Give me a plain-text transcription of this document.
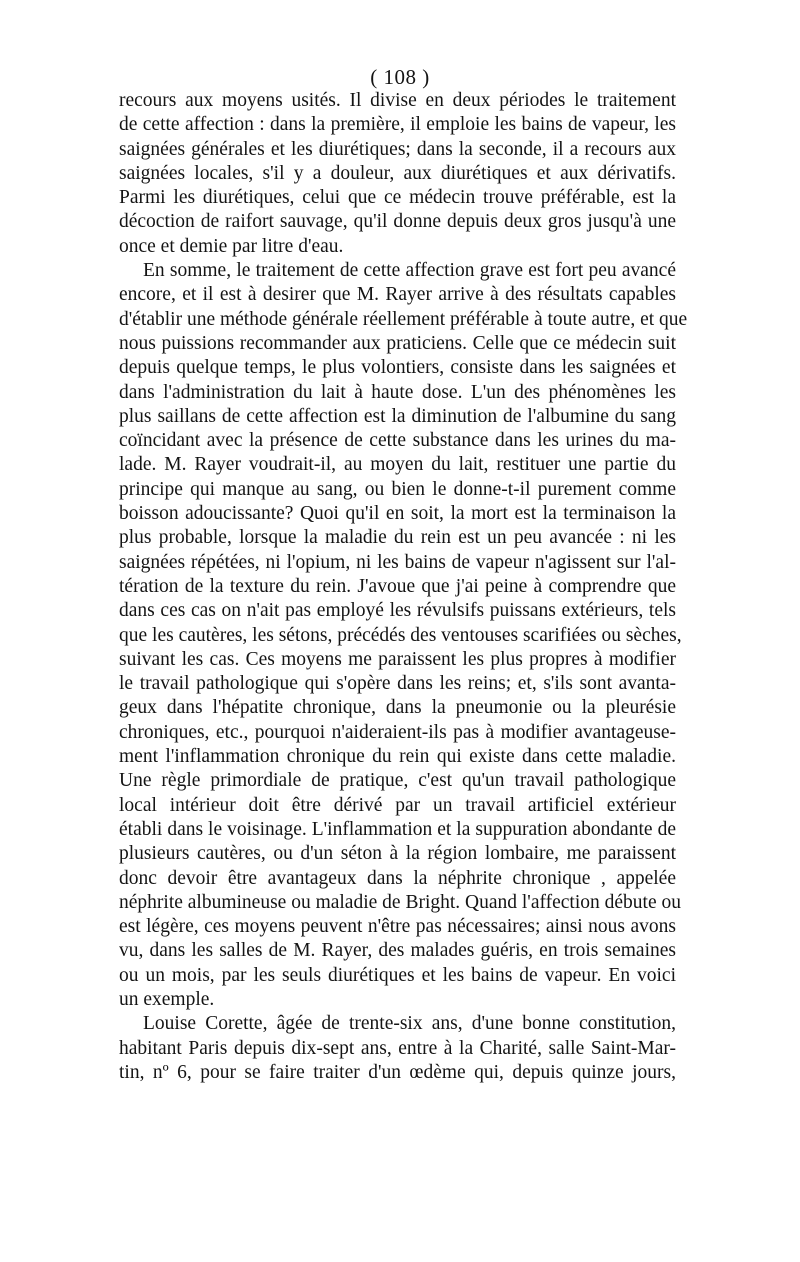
( 108 )
recours aux moyens usités. Il divise en deux périodes le traitement
de cette affection : dans la première, il emploie les bains de vapeur, les
saignées générales et les diurétiques; dans la seconde, il a recours aux
saignées locales, s'il y a douleur, aux diurétiques et aux dérivatifs.
Parmi les diurétiques, celui que ce médecin trouve préférable, est la
décoction de raifort sauvage, qu'il donne depuis deux gros jusqu'à une
once et demie par litre d'eau.
En somme, le traitement de cette affection grave est fort peu avancé
encore, et il est à desirer que M. Rayer arrive à des résultats capables
d'établir une méthode générale réellement préférable à toute autre, et que
nous puissions recommander aux praticiens. Celle que ce médecin suit
depuis quelque temps, le plus volontiers, consiste dans les saignées et
dans l'administration du lait à haute dose. L'un des phénomènes les
plus saillans de cette affection est la diminution de l'albumine du sang
coïncidant avec la présence de cette substance dans les urines du ma-
lade. M. Rayer voudrait-il, au moyen du lait, restituer une partie du
principe qui manque au sang, ou bien le donne-t-il purement comme
boisson adoucissante? Quoi qu'il en soit, la mort est la terminaison la
plus probable, lorsque la maladie du rein est un peu avancée : ni les
saignées répétées, ni l'opium, ni les bains de vapeur n'agissent sur l'al-
tération de la texture du rein. J'avoue que j'ai peine à comprendre que
dans ces cas on n'ait pas employé les révulsifs puissans extérieurs, tels
que les cautères, les sétons, précédés des ventouses scarifiées ou sèches,
suivant les cas. Ces moyens me paraissent les plus propres à modifier
le travail pathologique qui s'opère dans les reins; et, s'ils sont avanta-
geux dans l'hépatite chronique, dans la pneumonie ou la pleurésie
chroniques, etc., pourquoi n'aideraient-ils pas à modifier avantageuse-
ment l'inflammation chronique du rein qui existe dans cette maladie.
Une règle primordiale de pratique, c'est qu'un travail pathologique
local intérieur doit être dérivé par un travail artificiel extérieur
établi dans le voisinage. L'inflammation et la suppuration abondante de
plusieurs cautères, ou d'un séton à la région lombaire, me paraissent
donc devoir être avantageux dans la néphrite chronique , appelée
néphrite albumineuse ou maladie de Bright. Quand l'affection débute ou
est légère, ces moyens peuvent n'être pas nécessaires; ainsi nous avons
vu, dans les salles de M. Rayer, des malades guéris, en trois semaines
ou un mois, par les seuls diurétiques et les bains de vapeur. En voici
un exemple.
Louise Corette, âgée de trente-six ans, d'une bonne constitution,
habitant Paris depuis dix-sept ans, entre à la Charité, salle Saint-Mar-
tin, nº 6, pour se faire traiter d'un œdème qui, depuis quinze jours,
